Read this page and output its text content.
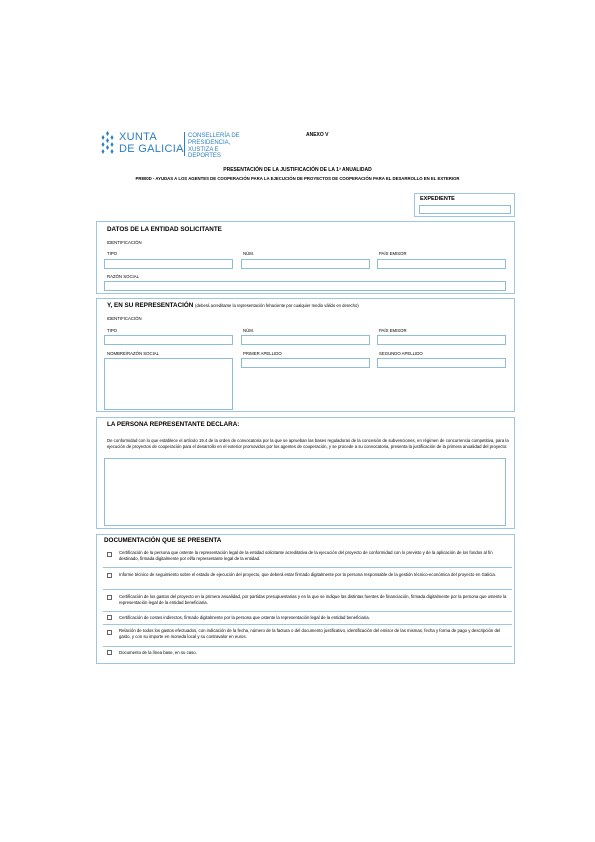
XUNTA
DE GALICIA
CONSELLERÍA DE
PRESIDENCIA,
XUSTIZA E DEPORTES
ANEXO V
PRESENTACIÓN DE LA JUSTIFICACIÓN DE LA 1ª ANUALIDAD
PR800D - AYUDAS A LOS AGENTES DE COOPERACIÓN PARA LA EJECUCIÓN DE PROYECTOS DE COOPERACIÓN PARA EL DESARROLLO EN EL EXTERIOR
EXPEDIENTE
DATOS DE LA ENTIDAD SOLICITANTE
IDENTIFICACIÓN
TIPO	NÚM.	PAÍS EMISOR
RAZÓN SOCIAL
Y, EN SU REPRESENTACIÓN (deberá acreditarse la representación fehaciente por cualquier medio válido en derecho)
IDENTIFICACIÓN
TIPO	NÚM.	PAÍS EMISOR
NOMBRE/RAZÓN SOCIAL	PRIMER APELLIDO	SEGUNDO APELLIDO
LA PERSONA REPRESENTANTE DECLARA:
De conformidad con lo que establece el artículo 19.4 de la orden de convocatoria por la que se aprueban las bases reguladoras de la concesión de subvenciones, en régimen de concurrencia competitiva, para la ejecución de proyectos de cooperación para el desarrollo en el exterior promovidos por los agentes de cooperación, y se procede a su convocatoria, presenta la justificación de la primera anualidad del proyecto:
DOCUMENTACIÓN QUE SE PRESENTA
Certificación de la persona que ostente la representación legal de la entidad solicitante acreditativa de la ejecución del proyecto de conformidad con lo previsto y de la aplicación de los fondos al fin destinado, firmada digitalmente por el/la representante legal de la entidad.
Informe técnico de seguimiento sobre el estado de ejecución del proyecto, que deberá estar firmado digitalmente por la persona responsable de la gestión técnico-económica del proyecto en Galicia.
Certificación de los gastos del proyecto en la primera anualidad, por partidas presupuestarias y en la que se indique las distintas fuentes de financiación, firmada digitalmente por la persona que ostente la representación legal de la entidad beneficiaria.
Certificación de costes indirectos, firmado digitalmente por la persona que ostente la representación legal de la entidad beneficiaria.
Relación de todos los gastos efectuados, con indicación de la fecha, número de la factura o del documento justificativo, identificación del emisor de las mismas, fecha y forma de pago y descripción del gasto, y con su importe en moneda local y su contravalor en euros.
Documento de la línea base, en su caso.
